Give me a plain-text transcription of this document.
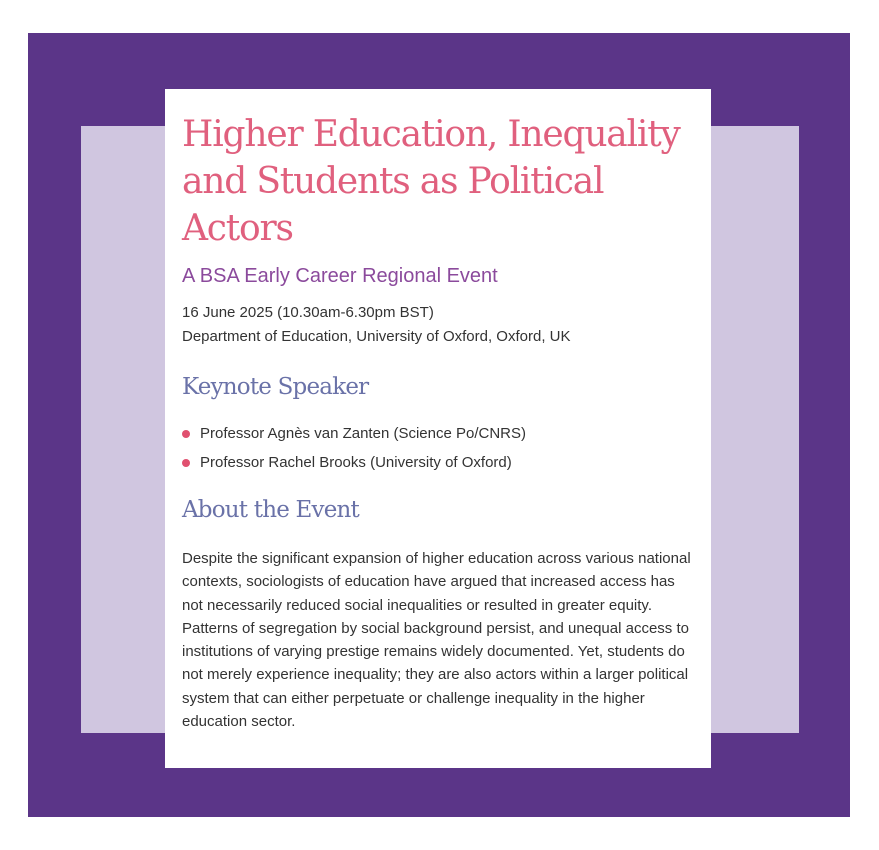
Higher Education, Inequality and Students as Political Actors
A BSA Early Career Regional Event
16 June 2025 (10.30am-6.30pm BST)
Department of Education, University of Oxford, Oxford, UK
Keynote Speaker
Professor Agnès van Zanten (Science Po/CNRS)
Professor Rachel Brooks (University of Oxford)
About the Event

Despite the significant expansion of higher education across various national contexts, sociologists of education have argued that increased access has not necessarily reduced social inequalities or resulted in greater equity. Patterns of segregation by social background persist, and unequal access to institutions of varying prestige remains widely documented. Yet, students do not merely experience inequality; they are also actors within a larger political system that can either perpetuate or challenge inequality in the higher education sector.
